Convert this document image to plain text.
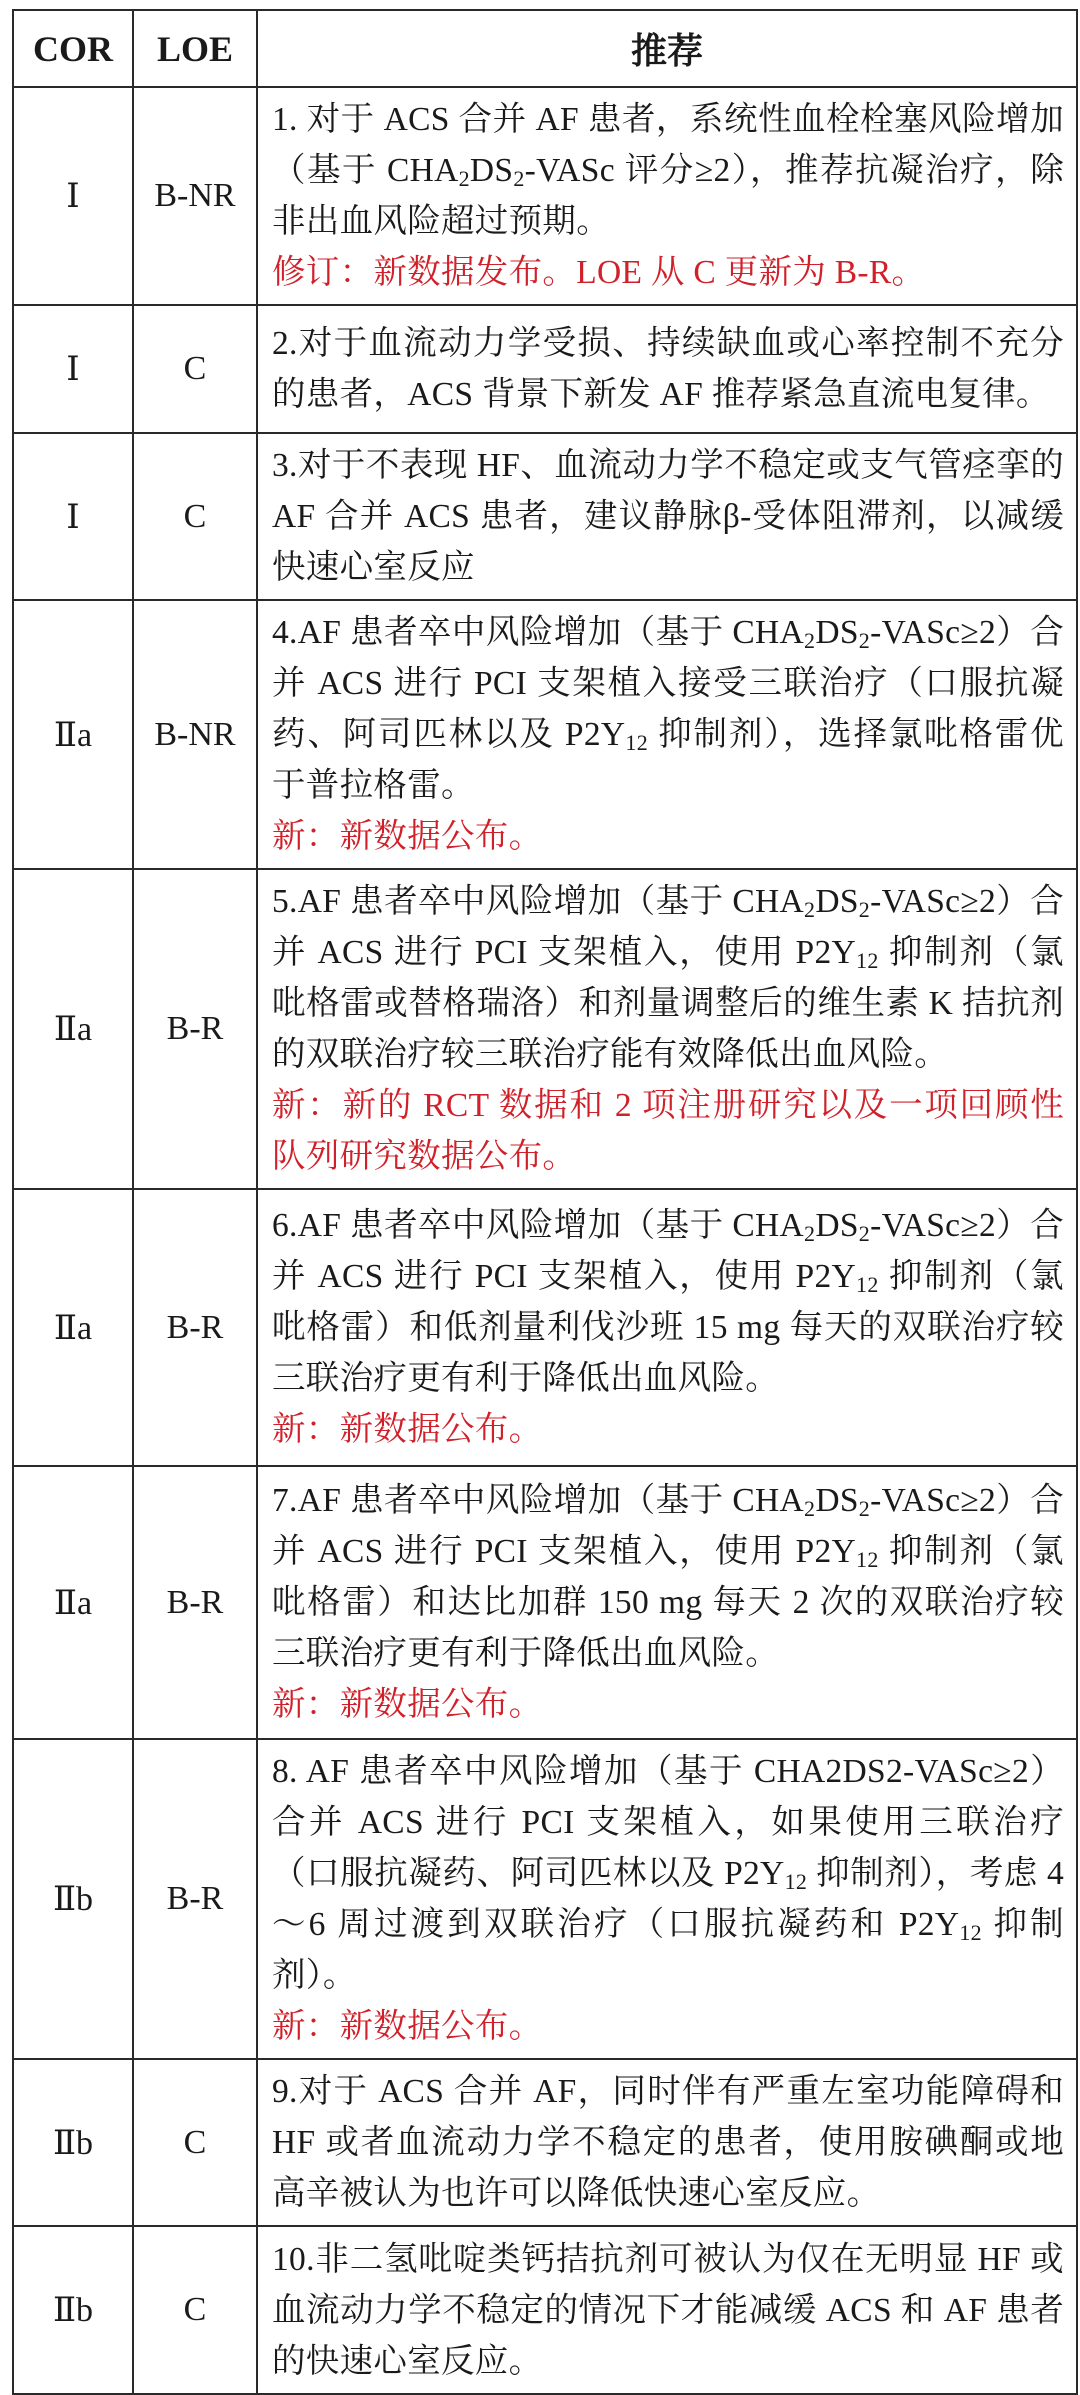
COR	LOE	推荐
Ⅰ	B-NR	1. 对于 ACS 合并 AF 患者，系统性血栓栓塞风险增加（基于 $CHA_2DS_2$-VASc 评分≥2），推荐抗凝治疗，除非出血风险超过预期。
修订：新数据发布。LOE 从 C 更新为 B-R。

Ⅰ	C	2.对于血流动力学受损、持续缺血或心率控制不充分的患者，ACS 背景下新发 AF 推荐紧急直流电复律。

Ⅰ	C	3.对于不表现 HF、血流动力学不稳定或支气管痉挛的 AF 合并 ACS 患者，建议静脉β-受体阻滞剂，以减缓快速心室反应

Ⅱa	B-NR	4.AF 患者卒中风险增加（基于 $CHA_2DS_2-VASc\ge 2$）合并 ACS 进行 PCI 支架植入接受三联治疗（口服抗凝药、阿司匹林以及 $P2Y_{12}$ 抑制剂），选择氯吡格雷优于普拉格雷。
新：新数据公布。

Ⅱa	B-R	5.AF 患者卒中风险增加（基于 $CHA_2DS_2-VASc\ge 2$）合并 ACS 进行 PCI 支架植入，使用 $P2Y_{12}$ 抑制剂（氯吡格雷或替格瑞洛）和剂量调整后的维生素 K 拮抗剂的双联治疗较三联治疗能有效降低出血风险。
新：新的 RCT 数据和 2 项注册研究以及一项回顾性队列研究数据公布。

Ⅱa	B-R	6.AF 患者卒中风险增加（基于 $CHA_2DS_2-VASc\ge 2$）合并 ACS 进行 PCI 支架植入，使用 $P2Y_{12}$ 抑制剂（氯吡格雷）和低剂量利伐沙班 15 mg 每天的双联治疗较三联治疗更有利于降低出血风险。
新：新数据公布。

Ⅱa	B-R	7.AF 患者卒中风险增加（基于 $CHA_2DS_2-VASc\ge 2$）合并 ACS 进行 PCI 支架植入，使用 $P2Y_{12}$ 抑制剂（氯吡格雷）和达比加群 150 mg 每天 2 次的双联治疗较三联治疗更有利于降低出血风险。
新：新数据公布。

Ⅱb	B-R	8. AF 患者卒中风险增加（基于 CHA2DS2-VASc≥2）合并 ACS 进行 PCI 支架植入，如果使用三联治疗（口服抗凝药、阿司匹林以及 $P2Y_{12}$ 抑制剂），考虑 4～6 周过渡到双联治疗（口服抗凝药和 $P2Y_{12}$ 抑制剂）。
新：新数据公布。

Ⅱb	C	9.对于 ACS 合并 AF，同时伴有严重左室功能障碍和 HF 或者血流动力学不稳定的患者，使用胺碘酮或地高辛被认为也许可以降低快速心室反应。

Ⅱb	C	10.非二氢吡啶类钙拮抗剂可被认为仅在无明显 HF 或血流动力学不稳定的情况下才能减缓 ACS 和 AF 患者的快速心室反应。
